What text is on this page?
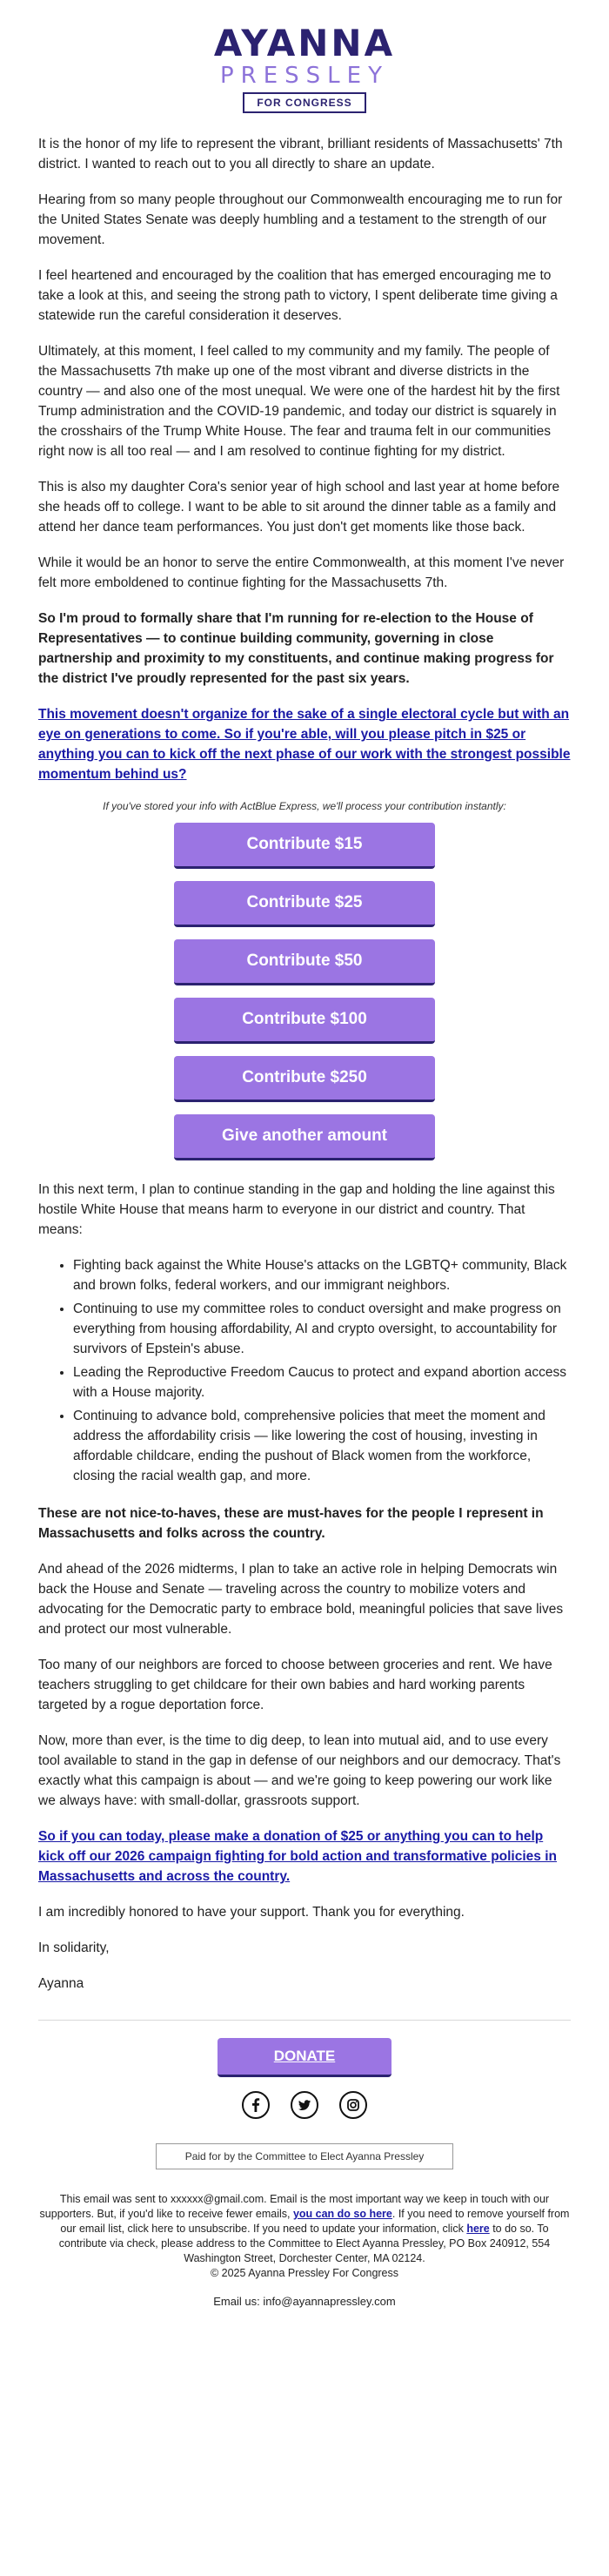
AYANNA
PRESSLEY
FOR CONGRESS

It is the honor of my life to represent the vibrant, brilliant residents of Massachusetts' 7th district. I wanted to reach out to you all directly to share an update.

Hearing from so many people throughout our Commonwealth encouraging me to run for the United States Senate was deeply humbling and a testament to the strength of our movement.

I feel heartened and encouraged by the coalition that has emerged encouraging me to take a look at this, and seeing the strong path to victory, I spent deliberate time giving a statewide run the careful consideration it deserves.

Ultimately, at this moment, I feel called to my community and my family. The people of the Massachusetts 7th make up one of the most vibrant and diverse districts in the country — and also one of the most unequal. We were one of the hardest hit by the first Trump administration and the COVID-19 pandemic, and today our district is squarely in the crosshairs of the Trump White House. The fear and trauma felt in our communities right now is all too real — and I am resolved to continue fighting for my district.

This is also my daughter Cora's senior year of high school and last year at home before she heads off to college. I want to be able to sit around the dinner table as a family and attend her dance team performances. You just don't get moments like those back.

While it would be an honor to serve the entire Commonwealth, at this moment I've never felt more emboldened to continue fighting for the Massachusetts 7th.

So I'm proud to formally share that I'm running for re-election to the House of Representatives — to continue building community, governing in close partnership and proximity to my constituents, and continue making progress for the district I've proudly represented for the past six years.

This movement doesn't organize for the sake of a single electoral cycle but with an eye on generations to come. So if you're able, will you please pitch in $25 or anything you can to kick off the next phase of our work with the strongest possible momentum behind us?

If you've stored your info with ActBlue Express, we'll process your contribution instantly:
Contribute $15
Contribute $25
Contribute $50
Contribute $100
Contribute $250
Give another amount

In this next term, I plan to continue standing in the gap and holding the line against this hostile White House that means harm to everyone in our district and country. That means:

• Fighting back against the White House's attacks on the LGBTQ+ community, Black and brown folks, federal workers, and our immigrant neighbors.
• Continuing to use my committee roles to conduct oversight and make progress on everything from housing affordability, AI and crypto oversight, to accountability for survivors of Epstein's abuse.
• Leading the Reproductive Freedom Caucus to protect and expand abortion access with a House majority.
• Continuing to advance bold, comprehensive policies that meet the moment and address the affordability crisis — like lowering the cost of housing, investing in affordable childcare, ending the pushout of Black women from the workforce, closing the racial wealth gap, and more.

These are not nice-to-haves, these are must-haves for the people I represent in Massachusetts and folks across the country.

And ahead of the 2026 midterms, I plan to take an active role in helping Democrats win back the House and Senate — traveling across the country to mobilize voters and advocating for the Democratic party to embrace bold, meaningful policies that save lives and protect our most vulnerable.

Too many of our neighbors are forced to choose between groceries and rent. We have teachers struggling to get childcare for their own babies and hard working parents targeted by a rogue deportation force.

Now, more than ever, is the time to dig deep, to lean into mutual aid, and to use every tool available to stand in the gap in defense of our neighbors and our democracy. That's exactly what this campaign is about — and we're going to keep powering our work like we always have: with small-dollar, grassroots support.

So if you can today, please make a donation of $25 or anything you can to help kick off our 2026 campaign fighting for bold action and transformative policies in Massachusetts and across the country.

I am incredibly honored to have your support. Thank you for everything.

In solidarity,

Ayanna

DONATE

Paid for by the Committee to Elect Ayanna Pressley
This email was sent to xxxxxx@gmail.com. Email is the most important way we keep in touch with our supporters. But, if you'd like to receive fewer emails, you can do so here. If you need to remove yourself from our email list, click here to unsubscribe. If you need to update your information, click here to do so. To contribute via check, please address to the Committee to Elect Ayanna Pressley, PO Box 240912, 554 Washington Street, Dorchester Center, MA 02124.
© 2025 Ayanna Pressley For Congress
Email us: info@ayannapressley.com
